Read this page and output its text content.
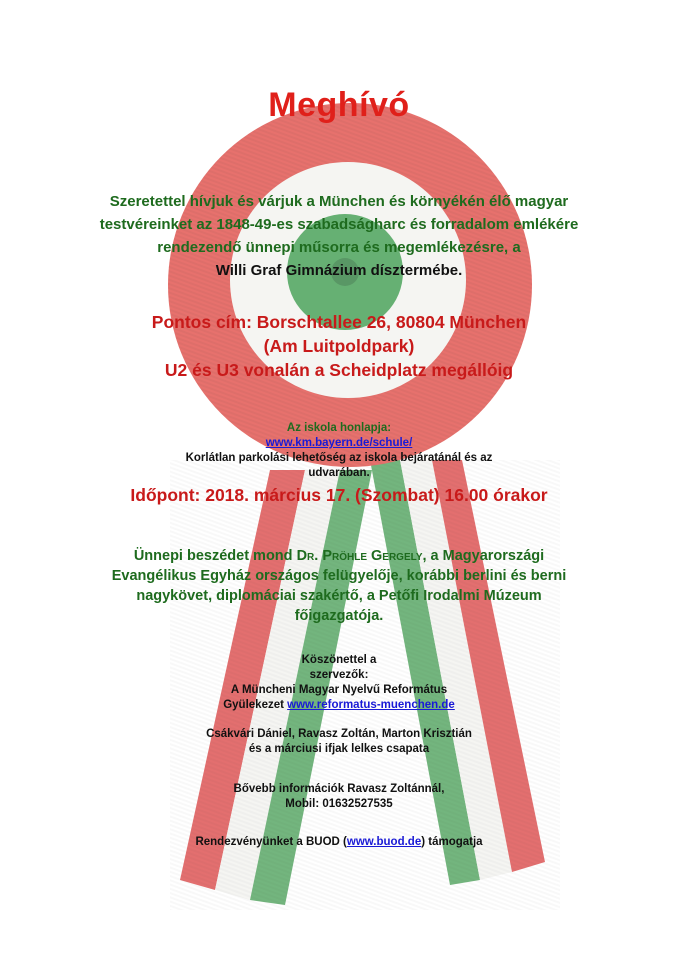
Meghívó
Szeretettel hívjuk és várjuk a München és környékén élő magyar
testvéreinket az 1848-49-es szabadságharc és forradalom emlékére
rendezendő ünnepi műsorra és megemlékezésre, a
Willi Graf Gimnázium dísztermébe.
Pontos cím: Borschtallee 26, 80804 München
(Am Luitpoldpark)
U2 és U3 vonalán a Scheidplatz megállóig
Az iskola honlapja:
www.km.bayern.de/schule/
Korlátlan parkolási lehetőség az iskola bejáratánál és az
udvarában.
Időpont: 2018. március 17. (Szombat) 16.00 órakor
Ünnepi beszédet mond Dr. Pröhle Gergely, a Magyarországi
Evangélikus Egyház országos felügyelője, korábbi berlini és berni
nagykövet, diplomáciai szakértő, a Petőfi Irodalmi Múzeum
főigazgatója.
Köszönettel a
szervezők:
A Müncheni Magyar Nyelvű Református
Gyülekezet www.reformatus-muenchen.de
Csákvári Dániel, Ravasz Zoltán, Marton Krisztián
és a márciusi ifjak lelkes csapata
Bővebb információk Ravasz Zoltánnál,
Mobil: 01632527535
Rendezvényünket a BUOD (www.buod.de) támogatja
